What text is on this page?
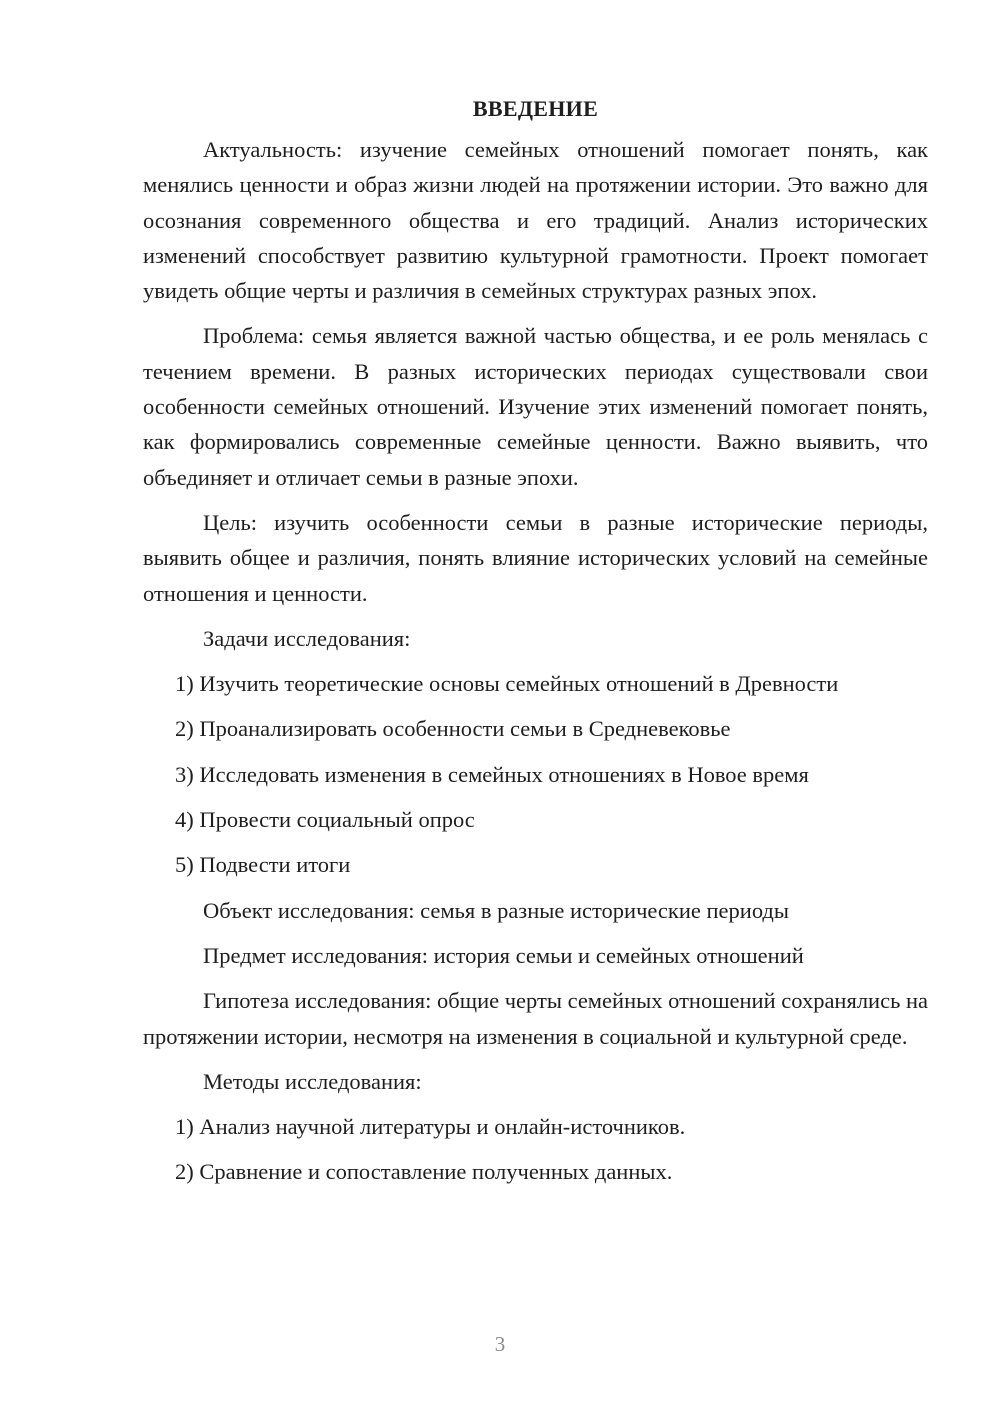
ВВЕДЕНИЕ

Актуальность: изучение семейных отношений помогает понять, как менялись ценности и образ жизни людей на протяжении истории. Это важно для осознания современного общества и его традиций. Анализ исторических изменений способствует развитию культурной грамотности. Проект помогает увидеть общие черты и различия в семейных структурах разных эпох.

Проблема: семья является важной частью общества, и ее роль менялась с течением времени. В разных исторических периодах существовали свои особенности семейных отношений. Изучение этих изменений помогает понять, как формировались современные семейные ценности. Важно выявить, что объединяет и отличает семьи в разные эпохи.

Цель: изучить особенности семьи в разные исторические периоды, выявить общее и различия, понять влияние исторических условий на семейные отношения и ценности.

Задачи исследования:

1) Изучить теоретические основы семейных отношений в Древности
2) Проанализировать особенности семьи в Средневековье
3) Исследовать изменения в семейных отношениях в Новое время
4) Провести социальный опрос
5) Подвести итоги

Объект исследования: семья в разные исторические периоды

Предмет исследования: история семьи и семейных отношений

Гипотеза исследования: общие черты семейных отношений сохранялись на протяжении истории, несмотря на изменения в социальной и культурной среде.

Методы исследования:

1) Анализ научной литературы и онлайн-источников.
2) Сравнение и сопоставление полученных данных.
3
